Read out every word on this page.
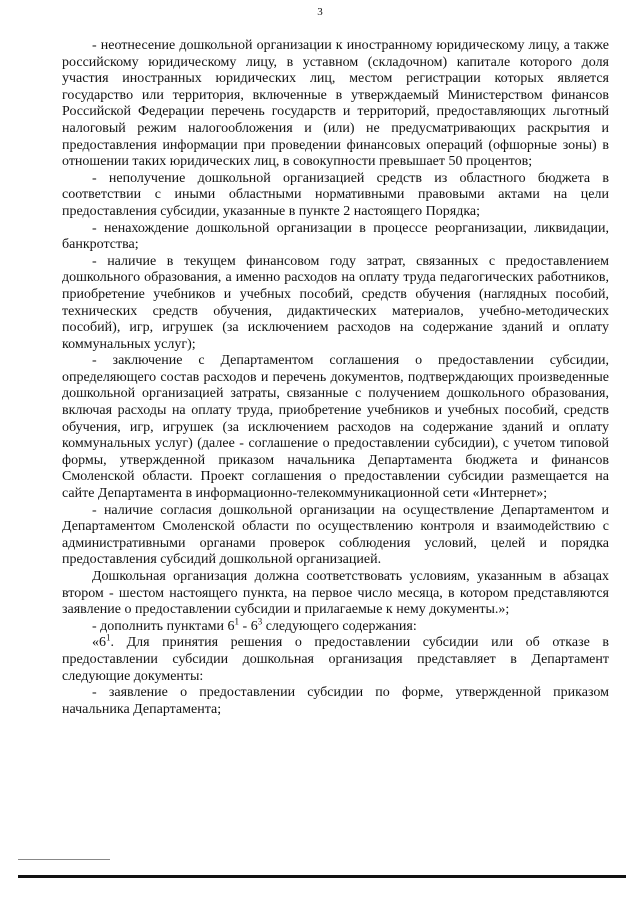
3

- неотнесение дошкольной организации к иностранному юридическому лицу, а также российскому юридическому лицу, в уставном (складочном) капитале которого доля участия иностранных юридических лиц, местом регистрации которых является государство или территория, включенные в утверждаемый Министерством финансов Российской Федерации перечень государств и территорий, предоставляющих льготный налоговый режим налогообложения и (или) не предусматривающих раскрытия и предоставления информации при проведении финансовых операций (офшорные зоны) в отношении таких юридических лиц, в совокупности превышает 50 процентов;

- неполучение дошкольной организацией средств из областного бюджета в соответствии с иными областными нормативными правовыми актами на цели предоставления субсидии, указанные в пункте 2 настоящего Порядка;

- ненахождение дошкольной организации в процессе реорганизации, ликвидации, банкротства;

- наличие в текущем финансовом году затрат, связанных с предоставлением дошкольного образования, а именно расходов на оплату труда педагогических работников, приобретение учебников и учебных пособий, средств обучения (наглядных пособий, технических средств обучения, дидактических материалов, учебно-методических пособий), игр, игрушек (за исключением расходов на содержание зданий и оплату коммунальных услуг);

- заключение с Департаментом соглашения о предоставлении субсидии, определяющего состав расходов и перечень документов, подтверждающих произведенные дошкольной организацией затраты, связанные с получением дошкольного образования, включая расходы на оплату труда, приобретение учебников и учебных пособий, средств обучения, игр, игрушек (за исключением расходов на содержание зданий и оплату коммунальных услуг) (далее - соглашение о предоставлении субсидии), с учетом типовой формы, утвержденной приказом начальника Департамента бюджета и финансов Смоленской области. Проект соглашения о предоставлении субсидии размещается на сайте Департамента в информационно-телекоммуникационной сети «Интернет»;

- наличие согласия дошкольной организации на осуществление Департаментом и Департаментом Смоленской области по осуществлению контроля и взаимодействию с административными органами проверок соблюдения условий, целей и порядка предоставления субсидий дошкольной организацией.

Дошкольная организация должна соответствовать условиям, указанным в абзацах втором - шестом настоящего пункта, на первое число месяца, в котором представляются заявление о предоставлении субсидии и прилагаемые к нему документы.»;

- дополнить пунктами $6^1 - 6^3$ следующего содержания:

«$6^1$. Для принятия решения о предоставлении субсидии или об отказе в предоставлении субсидии дошкольная организация представляет в Департамент следующие документы:

- заявление о предоставлении субсидии по форме, утвержденной приказом начальника Департамента;
